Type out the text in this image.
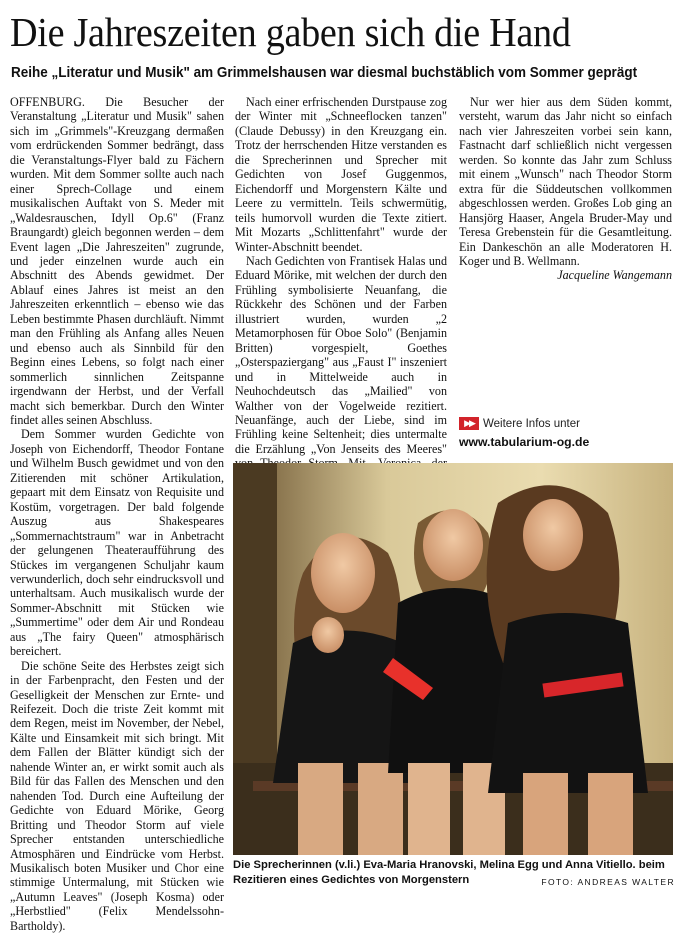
Die Jahreszeiten gaben sich die Hand
Reihe „Literatur und Musik" am Grimmelshausen war diesmal buchstäblich vom Sommer geprägt

OFFENBURG. Die Besucher der Veranstaltung „Literatur und Musik" sahen sich im „Grimmels"-Kreuzgang dermaßen vom erdrückenden Sommer bedrängt, dass die Veranstaltungs-Flyer bald zu Fächern wurden. Mit dem Sommer sollte auch nach einer Sprech-Collage und einem musikalischen Auftakt von S. Meder mit „Waldesrauschen, Idyll Op.6" (Franz Braungardt) gleich begonnen werden – dem Event lagen „Die Jahreszeiten" zugrunde, und jeder einzelnen wurde auch ein Abschnitt des Abends gewidmet. Der Ablauf eines Jahres ist meist an den Jahreszeiten erkenntlich – ebenso wie das Leben bestimmte Phasen durchläuft. Nimmt man den Frühling als Anfang alles Neuen und ebenso auch als Sinnbild für den Beginn eines Lebens, so folgt nach einer sommerlich sinnlichen Zeitspanne irgendwann der Herbst, und der Verfall macht sich bemerkbar. Durch den Winter findet alles seinen Abschluss.

Dem Sommer wurden Gedichte von Joseph von Eichendorff, Theodor Fontane und Wilhelm Busch gewidmet und von den Zitierenden mit schöner Artikulation, gepaart mit dem Einsatz von Requisite und Kostüm, vorgetragen. Der bald folgende Auszug aus Shakespeares „Sommernachtstraum" war in Anbetracht der gelungenen Theateraufführung des Stückes im vergangenen Schuljahr kaum verwunderlich, doch sehr eindrucksvoll und unterhaltsam. Auch musikalisch wurde der Sommer-Abschnitt mit Stücken wie „Summertime" oder dem Air und Rondeau aus „The fairy Queen" atmosphärisch bereichert.

Die schöne Seite des Herbstes zeigt sich in der Farbenpracht, den Festen und der Geselligkeit der Menschen zur Ernte- und Reifezeit. Doch die triste Zeit kommt mit dem Regen, meist im November, der Nebel, Kälte und Einsamkeit mit sich bringt. Mit dem Fallen der Blätter kündigt sich der nahende Winter an, er wirkt somit auch als Bild für das Fallen des Menschen und den nahenden Tod. Durch eine Aufteilung der Gedichte von Eduard Mörike, Georg Britting und Theodor Storm auf viele Sprecher entstanden unterschiedliche Atmosphären und Eindrücke vom Herbst. Musikalisch boten Musiker und Chor eine stimmige Untermalung, mit Stücken wie „Autumn Leaves" (Joseph Kosma) oder „Herbstlied" (Felix Mendelssohn-Bartholdy).

Nach einer erfrischenden Durstpause zog der Winter mit „Schneeflocken tanzen" (Claude Debussy) in den Kreuzgang ein. Trotz der herrschenden Hitze verstanden es die Sprecherinnen und Sprecher mit Gedichten von Josef Guggenmos, Eichendorff und Morgenstern Kälte und Leere zu vermitteln. Teils schwermütig, teils humorvoll wurden die Texte zitiert. Mit Mozarts „Schlittenfahrt" wurde der Winter-Abschnitt beendet.

Nach Gedichten von Frantisek Halas und Eduard Mörike, mit welchen der durch den Frühling symbolisierte Neuanfang, die Rückkehr des Schönen und der Farben illustriert wurden, wurden „2 Metamorphosen für Oboe Solo" (Benjamin Britten) vorgespielt, Goethes „Osterspaziergang" aus „Faust I" inszeniert und in Mittelweide auch in Neuhochdeutsch das „Mailied" von Walther von der Vogelweide rezitiert. Neuanfänge, auch der Liebe, sind im Frühling keine Seltenheit; dies untermalte die Erzählung „Von Jenseits des Meeres"

Nur wer hier aus dem Süden kommt, versteht, warum das Jahr nicht so einfach nach vier Jahreszeiten vorbei sein kann, Fastnacht darf schließlich nicht vergessen werden. So konnte das Jahr zum Schluss mit einem „Wunsch" nach Theodor Storm extra für die Süddeutschen vollkommen abgeschlossen werden. Großes Lob ging an Hansjörg Haaser, Angela Bruder-May und Teresa Grebenstein für die Gesamtleitung. Ein Dankeschön an alle Moderatoren H. Koger und B. Wellmann.

Jacqueline Wangemann
▶▶ Weitere Infos unter
www.tabularium-og.de
Die Sprecherinnen (v.li.) Eva-Maria Hranovski, Melina Egg und Anna Vitiello. beim Rezitieren eines Gedichtes von Morgenstern	FOTO: ANDREAS WALTER
